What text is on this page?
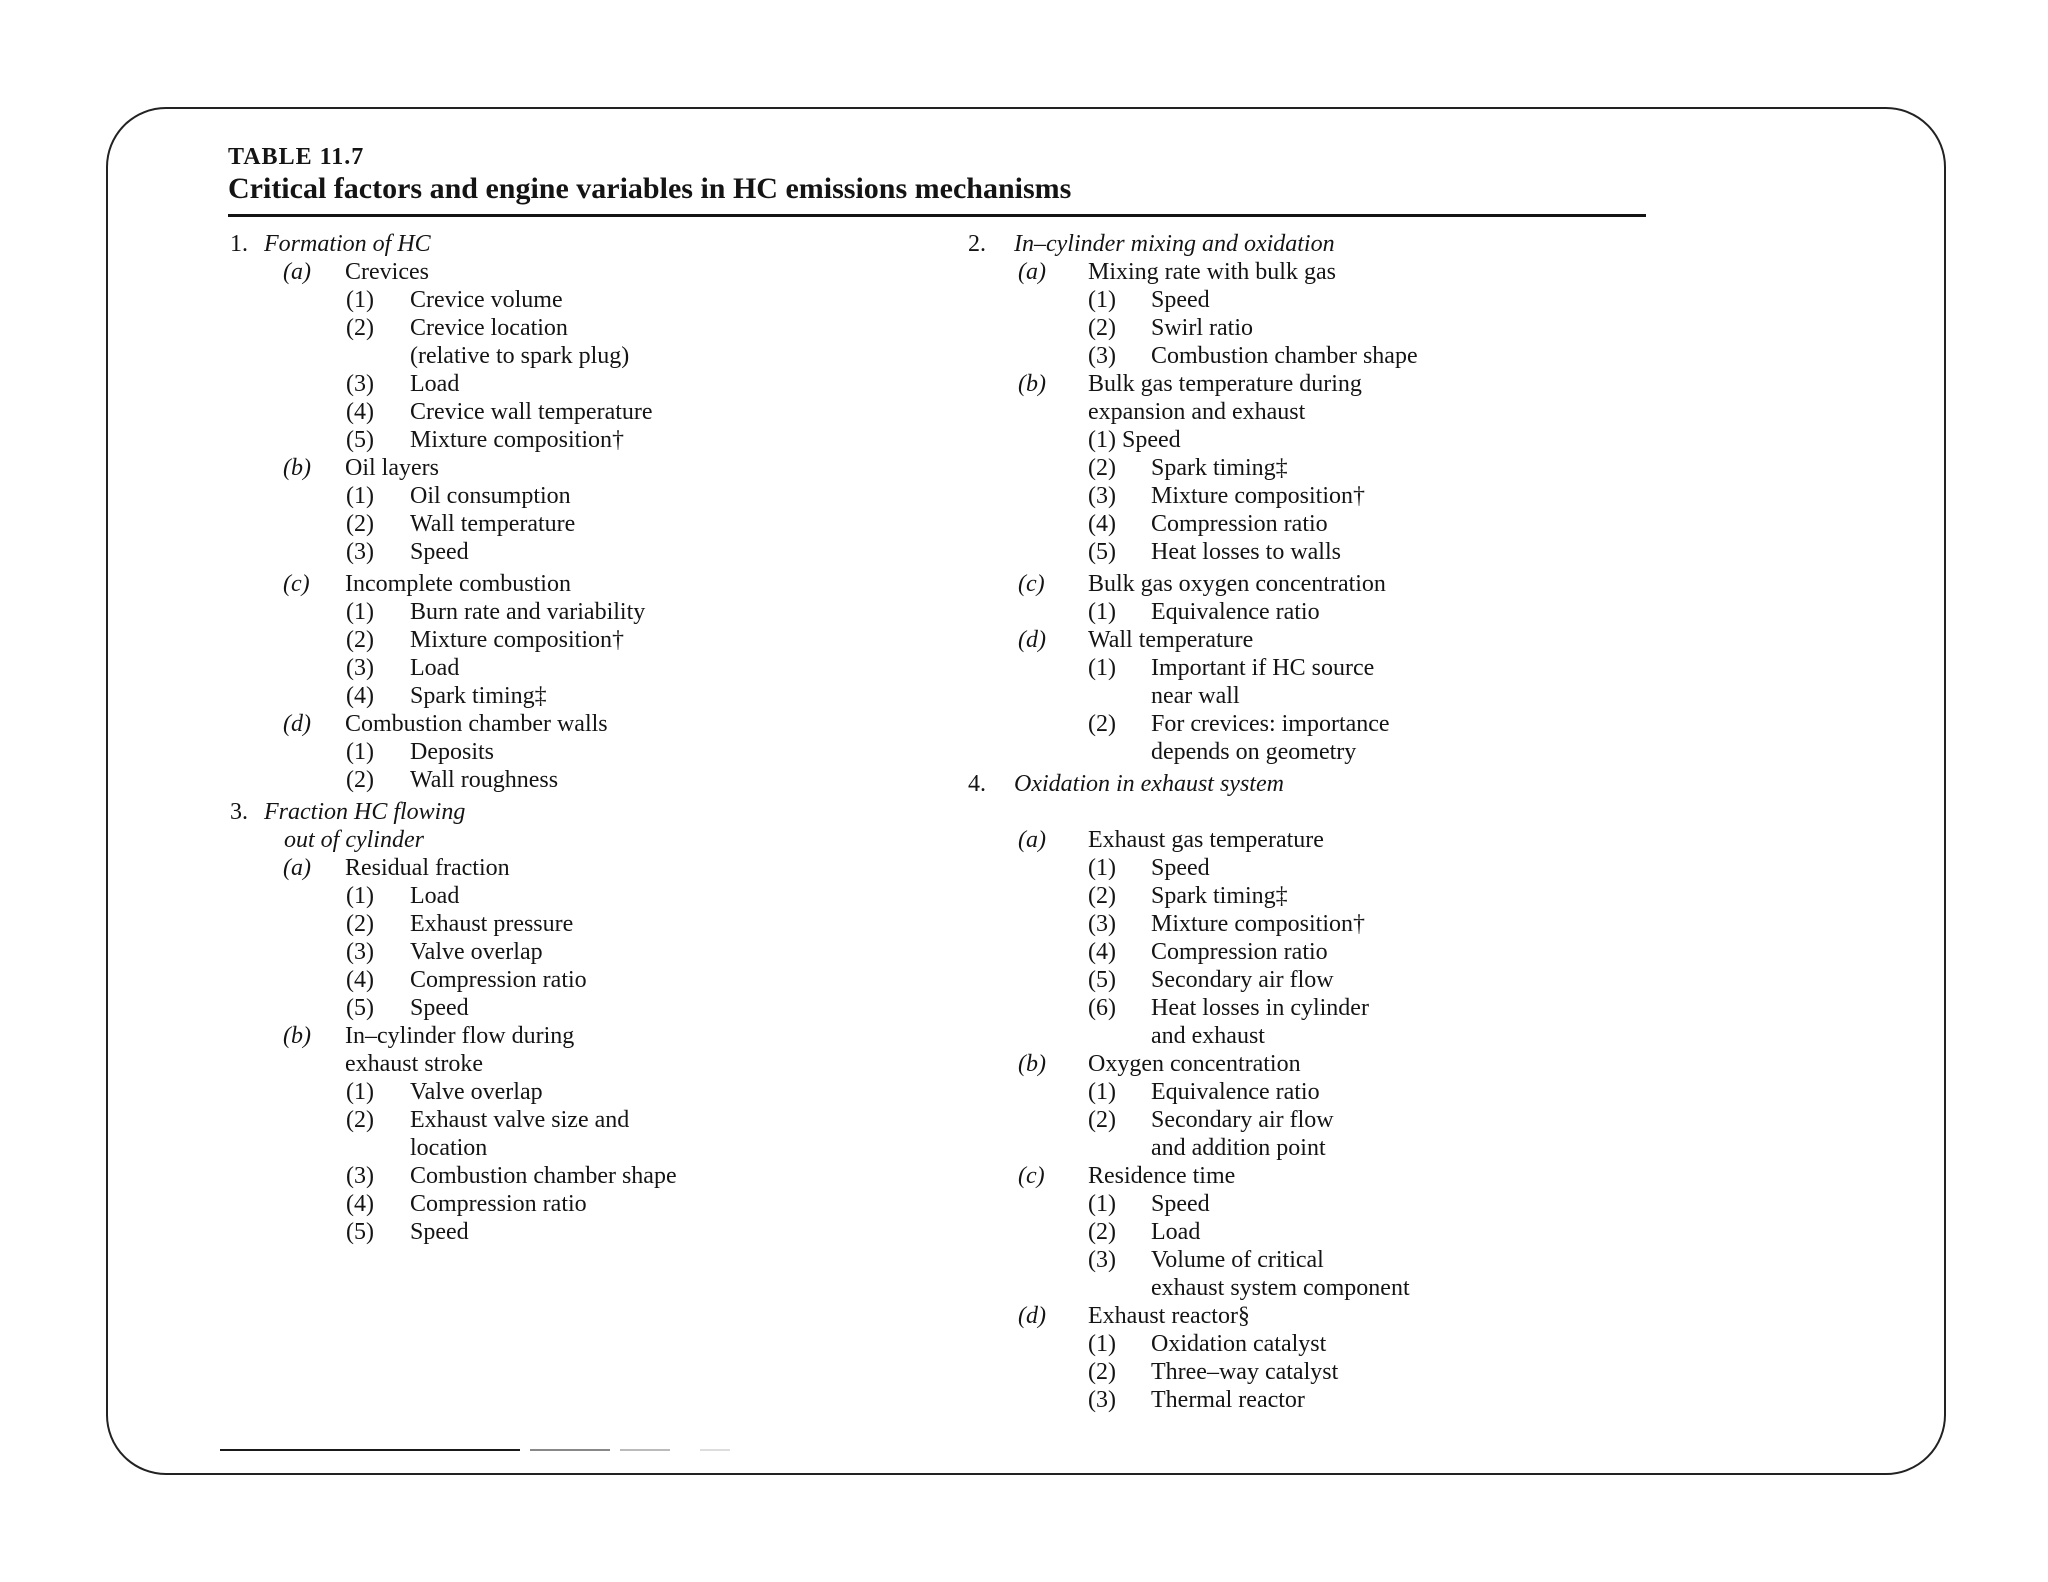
TABLE 11.7
Critical factors and engine variables in HC emissions mechanisms
1. Formation of HC
(a) Crevices
(1) Crevice volume
(2) Crevice location
(relative to spark plug)
(3) Load
(4) Crevice wall temperature
(5) Mixture composition†
(b) Oil layers
(1) Oil consumption
(2) Wall temperature
(3) Speed
(c) Incomplete combustion
(1) Burn rate and variability
(2) Mixture composition†
(3) Load
(4) Spark timing‡
(d) Combustion chamber walls
(1) Deposits
(2) Wall roughness
3. Fraction HC flowing
out of cylinder
(a) Residual fraction
(1) Load
(2) Exhaust pressure
(3) Valve overlap
(4) Compression ratio
(5) Speed
(b) In–cylinder flow during
exhaust stroke
(1) Valve overlap
(2) Exhaust valve size and
location
(3) Combustion chamber shape
(4) Compression ratio
(5) Speed
2. In–cylinder mixing and oxidation
(a) Mixing rate with bulk gas
(1) Speed
(2) Swirl ratio
(3) Combustion chamber shape
(b) Bulk gas temperature during
expansion and exhaust
(1) Speed
(2) Spark timing‡
(3) Mixture composition†
(4) Compression ratio
(5) Heat losses to walls
(c) Bulk gas oxygen concentration
(1) Equivalence ratio
(d) Wall temperature
(1) Important if HC source
near wall
(2) For crevices: importance
depends on geometry
4. Oxidation in exhaust system
(a) Exhaust gas temperature
(1) Speed
(2) Spark timing‡
(3) Mixture composition†
(4) Compression ratio
(5) Secondary air flow
(6) Heat losses in cylinder
and exhaust
(b) Oxygen concentration
(1) Equivalence ratio
(2) Secondary air flow
and addition point
(c) Residence time
(1) Speed
(2) Load
(3) Volume of critical
exhaust system component
(d) Exhaust reactor§
(1) Oxidation catalyst
(2) Three–way catalyst
(3) Thermal reactor
